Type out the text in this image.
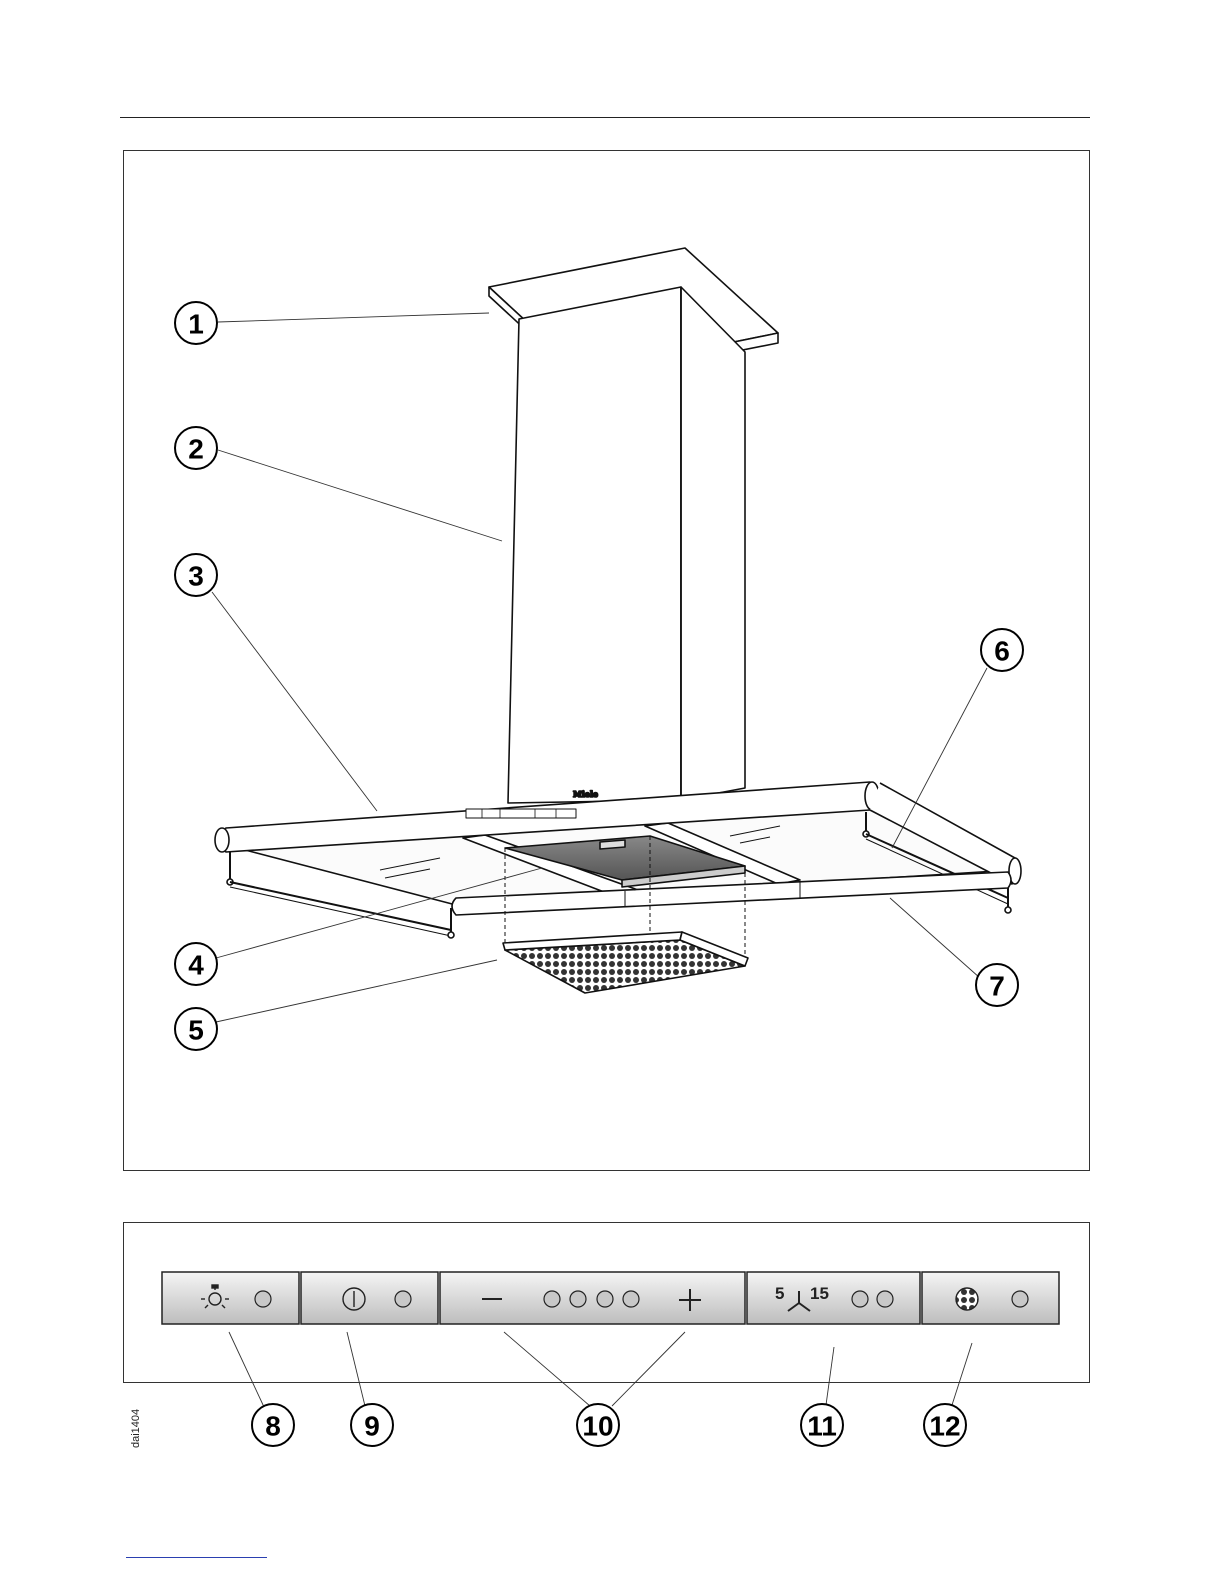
Miele
1
2
3
4
5
6
7
5 15
8	9	10	11	12
dai1404
